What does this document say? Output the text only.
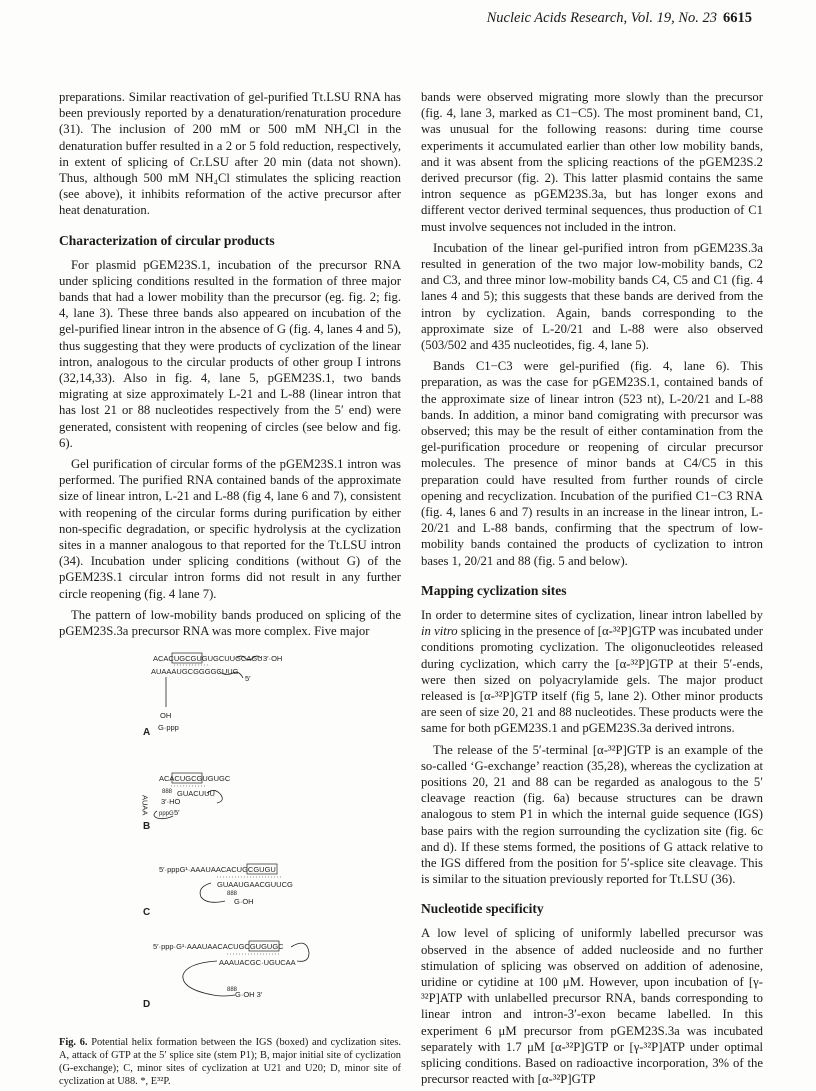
Nucleic Acids Research, Vol. 19, No. 23 6615

preparations. Similar reactivation of gel-purified Tt.LSU RNA has been previously reported by a denaturation/renaturation procedure (31). The inclusion of 200 mM or 500 mM NH₄Cl in the denaturation buffer resulted in a 2 or 5 fold reduction, respectively, in extent of splicing of Cr.LSU after 20 min (data not shown). Thus, although 500 mM NH₄Cl stimulates the splicing reaction (see above), it inhibits reformation of the active precursor after heat denaturation.

Characterization of circular products

For plasmid pGEM23S.1, incubation of the precursor RNA under splicing conditions resulted in the formation of three major bands that had a lower mobility than the precursor (eg. fig. 2; fig. 4, lane 3). These three bands also appeared on incubation of the gel-purified linear intron in the absence of G (fig. 4, lanes 4 and 5), thus suggesting that they were products of cyclization of the linear intron, analogous to the circular products of other group I introns (32,14,33). Also in fig. 4, lane 5, pGEM23S.1, two bands migrating at size approximately L-21 and L-88 (linear intron that has lost 21 or 88 nucleotides respectively from the 5′ end) were generated, consistent with reopening of circles (see below and fig. 6).

Gel purification of circular forms of the pGEM23S.1 intron was performed. The purified RNA contained bands of the approximate size of linear intron, L-21 and L-88 (fig 4, lane 6 and 7), consistent with reopening of the circular forms during purification by either non-specific degradation, or specific hydrolysis at the cyclization sites in a manner analogous to that reported for the Tt.LSU intron (34). Incubation under splicing conditions (without G) of the pGEM23S.1 circular intron forms did not result in any further circle reopening (fig. 4 lane 7).

The pattern of low-mobility bands produced on splicing of the pGEM23S.3a precursor RNA was more complex. Five major

ACACUGCGUGUGCUUGCAGU 3′·OH
AUAAAUGCGGGGCUUG
5′
OH
G·ppp
A
ACACUGCGUGUGC
GUACUUU
888
AUAA 3′·HO
pppG 5′
B
5′·pppG¹·AAAUAACACUGCGUGU
GUAAUGAACGUUCG
888
G·OH
C
5′·ppp·G¹·AAAUAACACUGCGUGUGC
AAAUACGC·UGUCAA
888
G·OH 3′
D

Fig. 6. Potential helix formation between the IGS (boxed) and cyclization sites. A, attack of GTP at the 5′ splice site (stem P1); B, major initial site of cyclization (G-exchange); C, minor sites of cyclization at U21 and U20; D, minor site of cyclization at U88. *, E³²P.

bands were observed migrating more slowly than the precursor (fig. 4, lane 3, marked as C1−C5). The most prominent band, C1, was unusual for the following reasons: during time course experiments it accumulated earlier than other low mobility bands, and it was absent from the splicing reactions of the pGEM23S.2 derived precursor (fig. 2). This latter plasmid contains the same intron sequence as pGEM23S.3a, but has longer exons and different vector derived terminal sequences, thus production of C1 must involve sequences not included in the intron.

Incubation of the linear gel-purified intron from pGEM23S.3a resulted in generation of the two major low-mobility bands, C2 and C3, and three minor low-mobility bands C4, C5 and C1 (fig. 4 lanes 4 and 5); this suggests that these bands are derived from the intron by cyclization. Again, bands corresponding to the approximate size of L-20/21 and L-88 were also observed (503/502 and 435 nucleotides, fig. 4, lane 5).

Bands C1−C3 were gel-purified (fig. 4, lane 6). This preparation, as was the case for pGEM23S.1, contained bands of the approximate size of linear intron (523 nt), L-20/21 and L-88 bands. In addition, a minor band comigrating with precursor was observed; this may be the result of either contamination from the gel-purification procedure or reopening of circular precursor molecules. The presence of minor bands at C4/C5 in this preparation could have resulted from further rounds of circle opening and recyclization. Incubation of the purified C1−C3 RNA (fig. 4, lanes 6 and 7) results in an increase in the linear intron, L-20/21 and L-88 bands, confirming that the spectrum of low-mobility bands contained the products of cyclization to intron bases 1, 20/21 and 88 (fig. 5 and below).

Mapping cyclization sites

In order to determine sites of cyclization, linear intron labelled by in vitro splicing in the presence of [α-³²P]GTP was incubated under conditions promoting cyclization. The oligonucleotides released during cyclization, which carry the [α-³²P]GTP at their 5′-ends, were then sized on polyacrylamide gels. The major product released is [α-³²P]GTP itself (fig 5, lane 2). Other minor products are seen of size 20, 21 and 88 nucleotides. These products were the same for both pGEM23S.1 and pGEM23S.3a derived introns.

The release of the 5′-terminal [α-³²P]GTP is an example of the so-called ‘G-exchange’ reaction (35,28), whereas the cyclization at positions 20, 21 and 88 can be regarded as analogous to the 5′ cleavage reaction (fig. 6a) because structures can be drawn analogous to stem P1 in which the internal guide sequence (IGS) base pairs with the region surrounding the cyclization site (fig. 6c and d). If these stems formed, the positions of G attack relative to the IGS differed from the position for 5′-splice site cleavage. This is similar to the situation previously reported for Tt.LSU (36).

Nucleotide specificity

A low level of splicing of uniformly labelled precursor was observed in the absence of added nucleoside and no further stimulation of splicing was observed on addition of adenosine, uridine or cytidine at 100 μM. However, upon incubation of [γ-³²P]ATP with unlabelled precursor RNA, bands corresponding to linear intron and intron-3′-exon became labelled. In this experiment 6 μM precursor from pGEM23S.3a was incubated separately with 1.7 μM [α-³²P]GTP or [γ-³²P]ATP under optimal splicing conditions. Based on radioactive incorporation, 3% of the precursor reacted with [α-³²P]GTP
